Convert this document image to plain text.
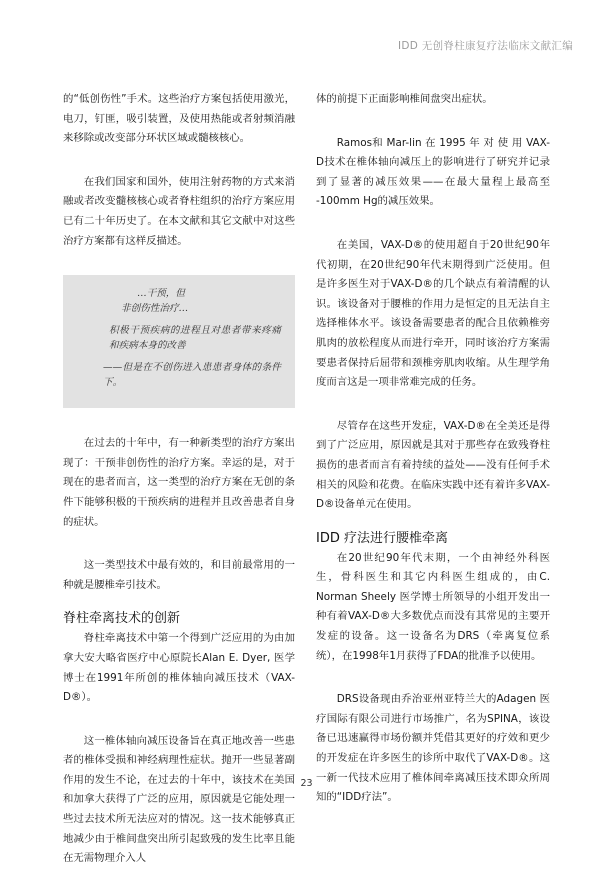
IDD 无创脊柱康复疗法临床文献汇编

的“低创伤性”手术。这些治疗方案包括使用激光，电刀，钉匪，吸引装置，及使用热能或者射频消融来移除或改变部分环状区域或髓核核心。

在我们国家和国外，使用注射药物的方式来消融或者改变髓核核心或者脊柱组织的治疗方案应用已有二十年历史了。在本文献和其它文献中对这些治疗方案都有这样反描述。

…干预，但
非创伤性治疗…
积极干预疾病的进程且对患者带来疼痛和疾病本身的改善
——但是在不创伤进入患患者身体的条件下。

在过去的十年中，有一种新类型的治疗方案出现了：干预非创伤性的治疗方案。幸运的是，对于现在的患者而言，这一类型的治疗方案在无创的条件下能够积极的干预疾病的进程并且改善患者自身的症状。

这一类型技术中最有效的，和目前最常用的一种就是腰椎牵引技术。

脊柱牵离技术的创新

脊柱牵离技术中第一个得到广泛应用的为由加拿大安大略省医疗中心原院长Alan E. Dyer, 医学博士在1991年所创的椎体轴向减压技术（VAX-D®）。

这一椎体轴向减压设备旨在真正地改善一些患者的椎体受损和神经病理性症状。抛开一些显著副作用的发生不论，在过去的十年中，该技术在美国和加拿大获得了广泛的应用，原因就是它能处理一些过去技术所无法应对的情况。这一技术能够真正地减少由于椎间盘突出所引起致残的发生比率且能在无需物理介入人

体的前提下正面影响椎间盘突出症状。

Ramos和 Mar-lin 在 1995 年 对 使 用 VAX-D技术在椎体轴向减压上的影响进行了研究并记录到了显著的减压效果——在最大量程上最高至 -100mm Hg的减压效果。

在美国，VAX-D®的使用超自于20世纪90年代初期，在20世纪90年代末期得到广泛使用。但是许多医生对于VAX-D®的几个缺点有着清醒的认识。该设备对于腰椎的作用力是恒定的且无法自主选择椎体水平。该设备需要患者的配合且依赖椎旁肌肉的放松程度从而进行牵开，同时该治疗方案需要患者保持后屈带和颈椎旁肌肉收缩。从生理学角度而言这是一项非常难完成的任务。

尽管存在这些开发症，VAX-D®在全美还是得到了广泛应用，原因就是其对于那些存在致残脊柱损伤的患者而言有着持续的益处——没有任何手术相关的风险和花费。在临床实践中还有着许多VAX-D®设备单元在使用。

IDD 疗法进行腰椎牵离

在20世纪90年代末期，一个由神经外科医生，骨科医生和其它内科医生组成的，由C. Norman Sheely 医学博士所领导的小组开发出一种有着VAX-D®大多数优点而没有其常见的主要开发症的设备。这一设备名为DRS（牵离复位系统），在1998年1月获得了FDA的批准予以使用。

DRS设备现由乔治亚州亚特兰大的Adagen 医疗国际有限公司进行市场推广，名为SPINA，该设备已迅速赢得市场份额并凭借其更好的疗效和更少的开发症在许多医生的诊所中取代了VAX-D®。这一新一代技术应用了椎体间牵离减压技术即众所周知的“IDD疗法”。

23
